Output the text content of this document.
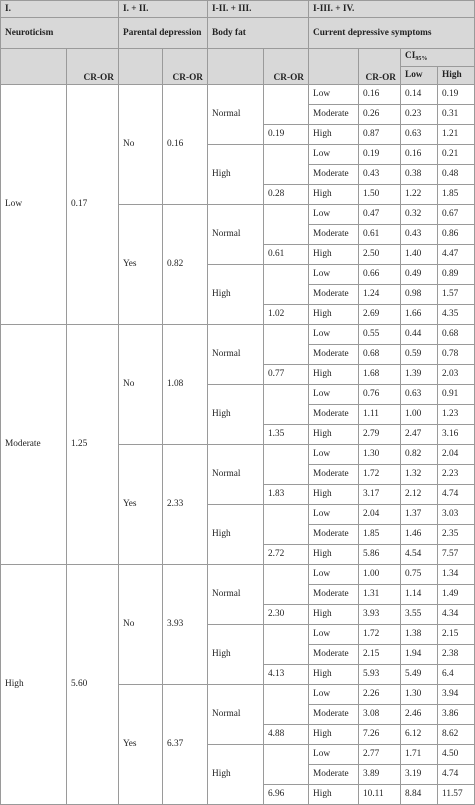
I.		I. + II.		I-II. + III.		I-III. + IV.			
Neuroticism		Parental depression		Body fat		Current depressive symptoms			
	CR-OR		CR-OR		CR-OR		CR-OR	$CI_{95\%}$
								Low	High
Low	0.17	No	0.16	Normal		Low	0.16	0.14	0.19
						Moderate	0.26	0.23	0.31
					0.19	High	0.87	0.63	1.21
				High		Low	0.19	0.16	0.21
						Moderate	0.43	0.38	0.48
					0.28	High	1.50	1.22	1.85
		Yes	0.82	Normal		Low	0.47	0.32	0.67
						Moderate	0.61	0.43	0.86
					0.61	High	2.50	1.40	4.47
				High		Low	0.66	0.49	0.89
						Moderate	1.24	0.98	1.57
					1.02	High	2.69	1.66	4.35
Moderate	1.25	No	1.08	Normal		Low	0.55	0.44	0.68
						Moderate	0.68	0.59	0.78
					0.77	High	1.68	1.39	2.03
				High		Low	0.76	0.63	0.91
						Moderate	1.11	1.00	1.23
					1.35	High	2.79	2.47	3.16
		Yes	2.33	Normal		Low	1.30	0.82	2.04
						Moderate	1.72	1.32	2.23
					1.83	High	3.17	2.12	4.74
				High		Low	2.04	1.37	3.03
						Moderate	1.85	1.46	2.35
					2.72	High	5.86	4.54	7.57
High	5.60	No	3.93	Normal		Low	1.00	0.75	1.34
						Moderate	1.31	1.14	1.49
					2.30	High	3.93	3.55	4.34
				High		Low	1.72	1.38	2.15
						Moderate	2.15	1.94	2.38
					4.13	High	5.93	5.49	6.4
		Yes	6.37	Normal		Low	2.26	1.30	3.94
						Moderate	3.08	2.46	3.86
					4.88	High	7.26	6.12	8.62
				High		Low	2.77	1.71	4.50
						Moderate	3.89	3.19	4.74
					6.96	High	10.11	8.84	11.57
